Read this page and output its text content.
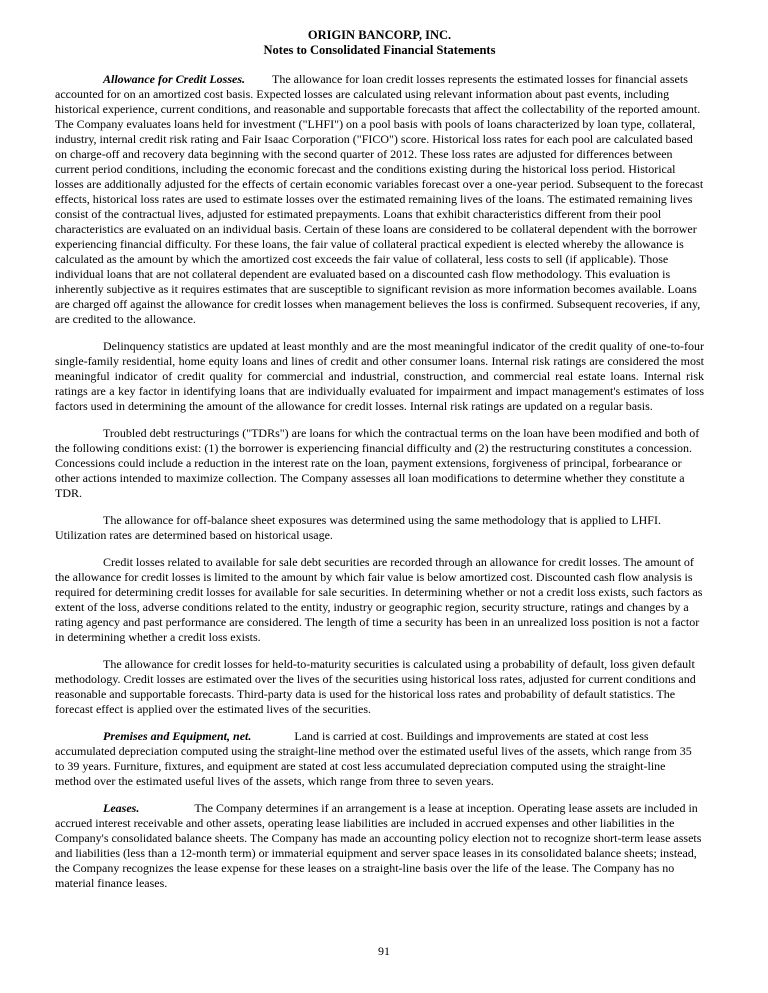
ORIGIN BANCORP, INC.
Notes to Consolidated Financial Statements

Allowance for Credit Losses. The allowance for loan credit losses represents the estimated losses for financial assets accounted for on an amortized cost basis. Expected losses are calculated using relevant information about past events, including historical experience, current conditions, and reasonable and supportable forecasts that affect the collectability of the reported amount. The Company evaluates loans held for investment ("LHFI") on a pool basis with pools of loans characterized by loan type, collateral, industry, internal credit risk rating and Fair Isaac Corporation ("FICO") score. Historical loss rates for each pool are calculated based on charge-off and recovery data beginning with the second quarter of 2012. These loss rates are adjusted for differences between current period conditions, including the economic forecast and the conditions existing during the historical loss period. Historical losses are additionally adjusted for the effects of certain economic variables forecast over a one-year period. Subsequent to the forecast effects, historical loss rates are used to estimate losses over the estimated remaining lives of the loans. The estimated remaining lives consist of the contractual lives, adjusted for estimated prepayments. Loans that exhibit characteristics different from their pool characteristics are evaluated on an individual basis. Certain of these loans are considered to be collateral dependent with the borrower experiencing financial difficulty. For these loans, the fair value of collateral practical expedient is elected whereby the allowance is calculated as the amount by which the amortized cost exceeds the fair value of collateral, less costs to sell (if applicable). Those individual loans that are not collateral dependent are evaluated based on a discounted cash flow methodology. This evaluation is inherently subjective as it requires estimates that are susceptible to significant revision as more information becomes available. Loans are charged off against the allowance for credit losses when management believes the loss is confirmed. Subsequent recoveries, if any, are credited to the allowance.

Delinquency statistics are updated at least monthly and are the most meaningful indicator of the credit quality of one-to-four single-family residential, home equity loans and lines of credit and other consumer loans. Internal risk ratings are considered the most meaningful indicator of credit quality for commercial and industrial, construction, and commercial real estate loans. Internal risk ratings are a key factor in identifying loans that are individually evaluated for impairment and impact management's estimates of loss factors used in determining the amount of the allowance for credit losses. Internal risk ratings are updated on a regular basis.

Troubled debt restructurings ("TDRs") are loans for which the contractual terms on the loan have been modified and both of the following conditions exist: (1) the borrower is experiencing financial difficulty and (2) the restructuring constitutes a concession. Concessions could include a reduction in the interest rate on the loan, payment extensions, forgiveness of principal, forbearance or other actions intended to maximize collection. The Company assesses all loan modifications to determine whether they constitute a TDR.

The allowance for off-balance sheet exposures was determined using the same methodology that is applied to LHFI. Utilization rates are determined based on historical usage.

Credit losses related to available for sale debt securities are recorded through an allowance for credit losses. The amount of the allowance for credit losses is limited to the amount by which fair value is below amortized cost. Discounted cash flow analysis is required for determining credit losses for available for sale securities. In determining whether or not a credit loss exists, such factors as extent of the loss, adverse conditions related to the entity, industry or geographic region, security structure, ratings and changes by a rating agency and past performance are considered. The length of time a security has been in an unrealized loss position is not a factor in determining whether a credit loss exists.

The allowance for credit losses for held-to-maturity securities is calculated using a probability of default, loss given default methodology. Credit losses are estimated over the lives of the securities using historical loss rates, adjusted for current conditions and reasonable and supportable forecasts. Third-party data is used for the historical loss rates and probability of default statistics. The forecast effect is applied over the estimated lives of the securities.

Premises and Equipment, net.	Land is carried at cost. Buildings and improvements are stated at cost less accumulated depreciation computed using the straight-line method over the estimated useful lives of the assets, which range from 35 to 39 years. Furniture, fixtures, and equipment are stated at cost less accumulated depreciation computed using the straight-line method over the estimated useful lives of the assets, which range from three to seven years.

Leases.	The Company determines if an arrangement is a lease at inception. Operating lease assets are included in accrued interest receivable and other assets, operating lease liabilities are included in accrued expenses and other liabilities in the Company's consolidated balance sheets. The Company has made an accounting policy election not to recognize short-term lease assets and liabilities (less than a 12-month term) or immaterial equipment and server space leases in its consolidated balance sheets; instead, the Company recognizes the lease expense for these leases on a straight-line basis over the life of the lease. The Company has no material finance leases.

91
